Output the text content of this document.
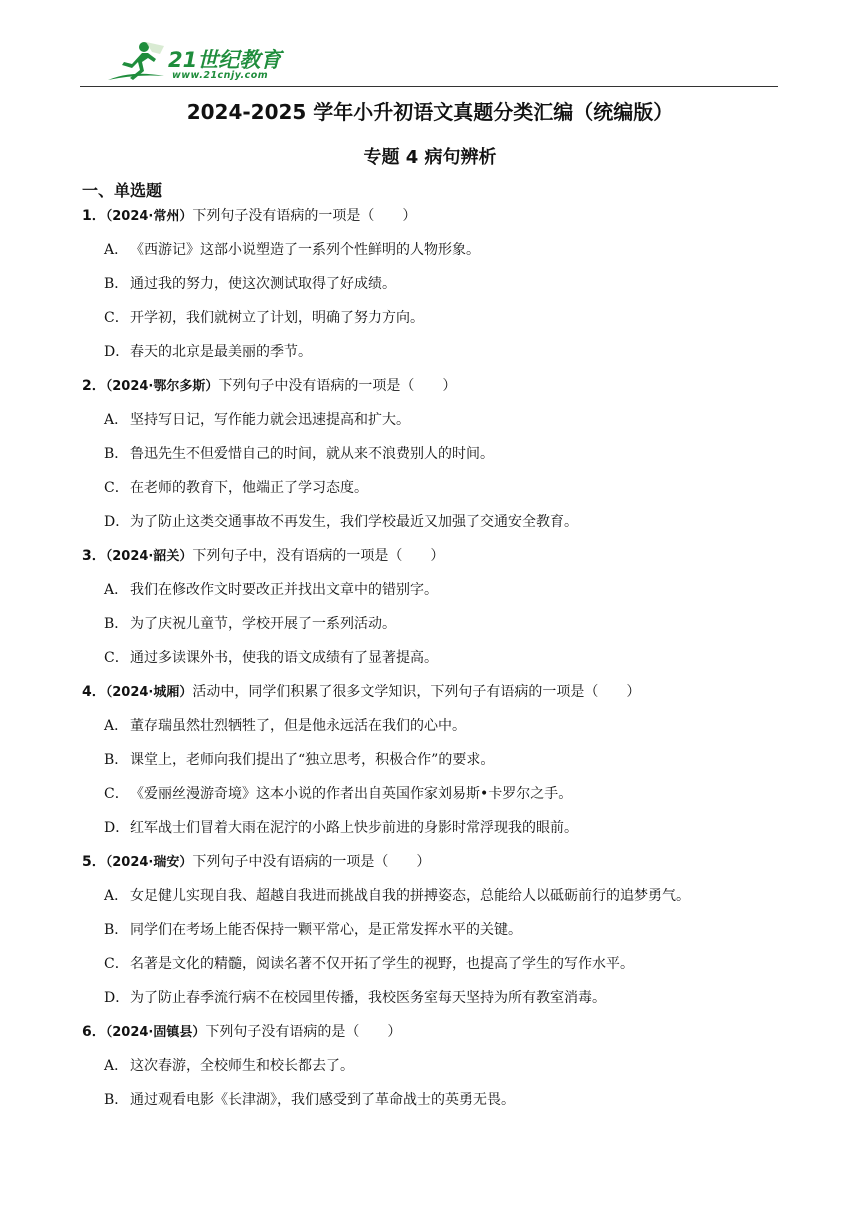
21世纪教育
www.21cnjy.com
2024-2025 学年小升初语文真题分类汇编（统编版）
专题 4 病句辨析
一、单选题
1．（2024·常州）下列句子没有语病的一项是（　　）
A． 《西游记》这部小说塑造了一系列个性鲜明的人物形象。
B． 通过我的努力，使这次测试取得了好成绩。
C．开学初，我们就树立了计划，明确了努力方向。
D．春天的北京是最美丽的季节。
2．（2024·鄂尔多斯）下列句子中没有语病的一项是（　　）
A． 坚持写日记，写作能力就会迅速提高和扩大。
B． 鲁迅先生不但爱惜自己的时间，就从来不浪费别人的时间。
C．在老师的教育下，他端正了学习态度。
D．为了防止这类交通事故不再发生，我们学校最近又加强了交通安全教育。
3．（2024·韶关）下列句子中，没有语病的一项是（　　）
A． 我们在修改作文时要改正并找出文章中的错别字。
B． 为了庆祝儿童节，学校开展了一系列活动。
C．通过多读课外书，使我的语文成绩有了显著提高。
4．（2024·城厢）活动中，同学们积累了很多文学知识，下列句子有语病的一项是（　　）
A． 董存瑞虽然壮烈牺牲了，但是他永远活在我们的心中。
B． 课堂上，老师向我们提出了“独立思考，积极合作”的要求。
C．《爱丽丝漫游奇境》这本小说的作者出自英国作家刘易斯•卡罗尔之手。
D．红军战士们冒着大雨在泥泞的小路上快步前进的身影时常浮现我的眼前。
5．（2024·瑞安）下列句子中没有语病的一项是（　　）
A． 女足健儿实现自我、超越自我进而挑战自我的拼搏姿态，总能给人以砥砺前行的追梦勇气。
B． 同学们在考场上能否保持一颗平常心，是正常发挥水平的关键。
C．名著是文化的精髓，阅读名著不仅开拓了学生的视野，也提高了学生的写作水平。
D．为了防止春季流行病不在校园里传播，我校医务室每天坚持为所有教室消毒。
6．（2024·固镇县）下列句子没有语病的是（　　）
A． 这次春游，全校师生和校长都去了。
B． 通过观看电影《长津湖》，我们感受到了革命战士的英勇无畏。
